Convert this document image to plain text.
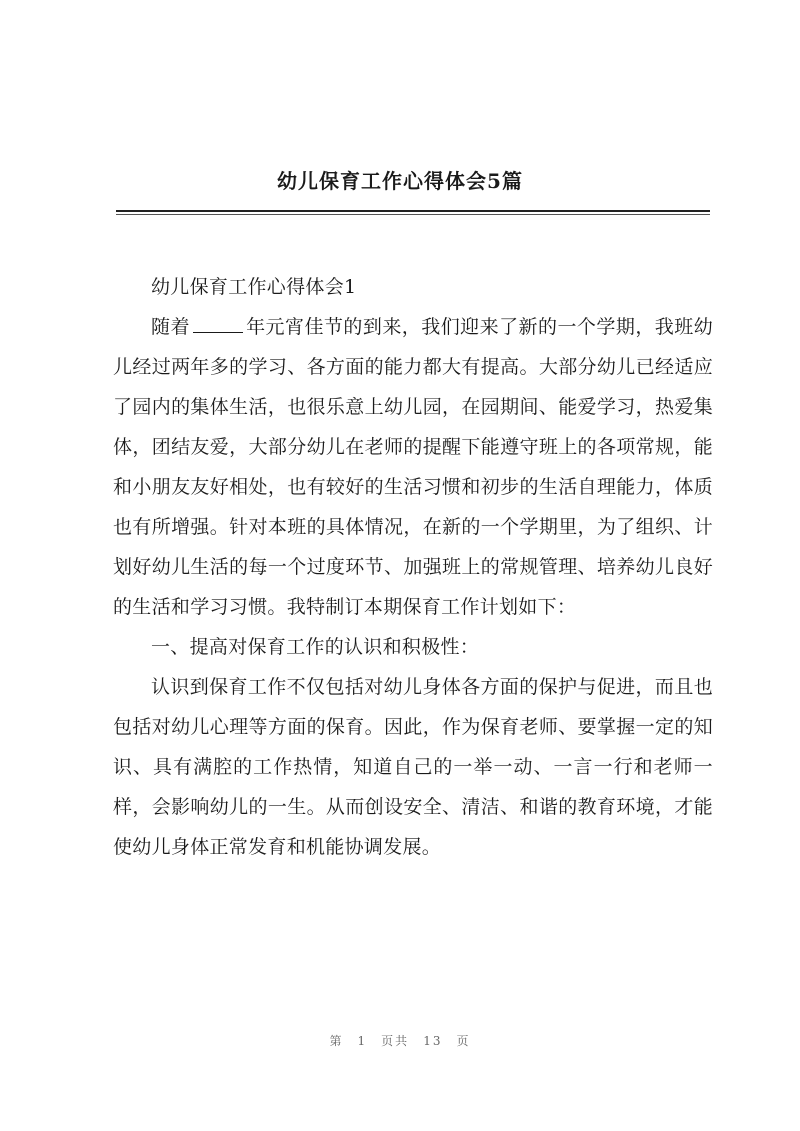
幼儿保育工作心得体会5篇

幼儿保育工作心得体会1

随着	年元宵佳节的到来，我们迎来了新的一个学期，我班幼儿经过两年多的学习、各方面的能力都大有提高。大部分幼儿已经适应了园内的集体生活，也很乐意上幼儿园，在园期间、能爱学习，热爱集体，团结友爱，大部分幼儿在老师的提醒下能遵守班上的各项常规，能和小朋友友好相处，也有较好的生活习惯和初步的生活自理能力，体质也有所增强。针对本班的具体情况，在新的一个学期里，为了组织、计划好幼儿生活的每一个过度环节、加强班上的常规管理、培养幼儿良好的生活和学习习惯。我特制订本期保育工作计划如下：

一、提高对保育工作的认识和积极性：

认识到保育工作不仅包括对幼儿身体各方面的保护与促进，而且也包括对幼儿心理等方面的保育。因此，作为保育老师、要掌握一定的知识、具有满腔的工作热情，知道自己的一举一动、一言一行和老师一样，会影响幼儿的一生。从而创设安全、清洁、和谐的教育环境，才能使幼儿身体正常发育和机能协调发展。

第 1 页共 13 页
